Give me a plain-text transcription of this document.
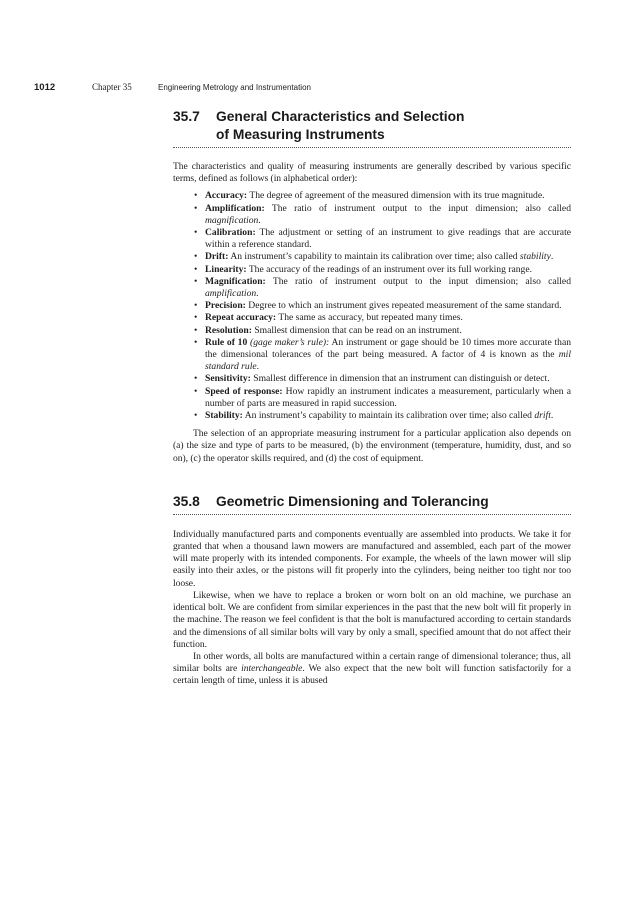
1012	Chapter 35	Engineering Metrology and Instrumentation
35.7 General Characteristics and Selection
of Measuring Instruments

The characteristics and quality of measuring instruments are generally described by various specific terms, defined as follows (in alphabetical order):

• Accuracy: The degree of agreement of the measured dimension with its true magnitude.
• Amplification: The ratio of instrument output to the input dimension; also called magnification.
• Calibration: The adjustment or setting of an instrument to give readings that are accurate within a reference standard.
• Drift: An instrument’s capability to maintain its calibration over time; also called stability.
• Linearity: The accuracy of the readings of an instrument over its full working range.
• Magnification: The ratio of instrument output to the input dimension; also called amplification.
• Precision: Degree to which an instrument gives repeated measurement of the same standard.
• Repeat accuracy: The same as accuracy, but repeated many times.
• Resolution: Smallest dimension that can be read on an instrument.
• Rule of 10 (gage maker’s rule): An instrument or gage should be 10 times more accurate than the dimensional tolerances of the part being measured. A factor of 4 is known as the mil standard rule.
• Sensitivity: Smallest difference in dimension that an instrument can distinguish or detect.
• Speed of response: How rapidly an instrument indicates a measurement, particularly when a number of parts are measured in rapid succession.
• Stability: An instrument’s capability to maintain its calibration over time; also called drift.

The selection of an appropriate measuring instrument for a particular application also depends on (a) the size and type of parts to be measured, (b) the environment (temperature, humidity, dust, and so on), (c) the operator skills required, and (d) the cost of equipment.

35.8 Geometric Dimensioning and Tolerancing

Individually manufactured parts and components eventually are assembled into products. We take it for granted that when a thousand lawn mowers are manufactured and assembled, each part of the mower will mate properly with its intended components. For example, the wheels of the lawn mower will slip easily into their axles, or the pistons will fit properly into the cylinders, being neither too tight nor too loose.

Likewise, when we have to replace a broken or worn bolt on an old machine, we purchase an identical bolt. We are confident from similar experiences in the past that the new bolt will fit properly in the machine. The reason we feel confident is that the bolt is manufactured according to certain standards and the dimensions of all similar bolts will vary by only a small, specified amount that do not affect their function.

In other words, all bolts are manufactured within a certain range of dimensional tolerance; thus, all similar bolts are interchangeable. We also expect that the new bolt will function satisfactorily for a certain length of time, unless it is abused
